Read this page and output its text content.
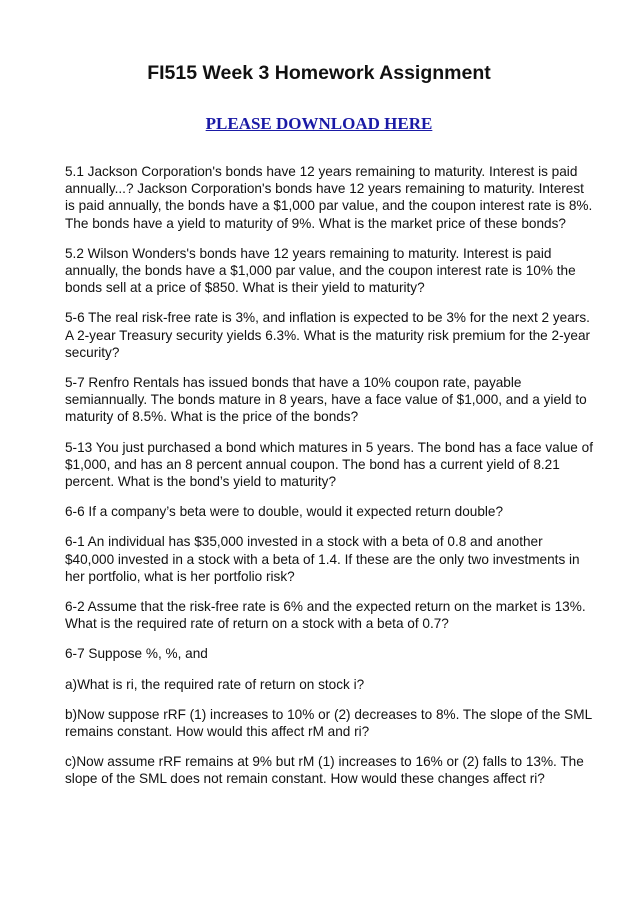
FI515 Week 3 Homework Assignment
PLEASE DOWNLOAD HERE

5.1 Jackson Corporation's bonds have 12 years remaining to maturity. Interest is paid annually...? Jackson Corporation's bonds have 12 years remaining to maturity. Interest is paid annually, the bonds have a $1,000 par value, and the coupon interest rate is 8%. The bonds have a yield to maturity of 9%. What is the market price of these bonds?

5.2 Wilson Wonders's bonds have 12 years remaining to maturity. Interest is paid annually, the bonds have a $1,000 par value, and the coupon interest rate is 10% the bonds sell at a price of $850. What is their yield to maturity?

5-6 The real risk-free rate is 3%, and inflation is expected to be 3% for the next 2 years. A 2-year Treasury security yields 6.3%. What is the maturity risk premium for the 2-year security?

5-7 Renfro Rentals has issued bonds that have a 10% coupon rate, payable semiannually. The bonds mature in 8 years, have a face value of $1,000, and a yield to maturity of 8.5%. What is the price of the bonds?

5-13 You just purchased a bond which matures in 5 years. The bond has a face value of $1,000, and has an 8 percent annual coupon. The bond has a current yield of 8.21 percent. What is the bond’s yield to maturity?

6-6 If a company’s beta were to double, would it expected return double?

6-1 An individual has $35,000 invested in a stock with a beta of 0.8 and another $40,000 invested in a stock with a beta of 1.4. If these are the only two investments in her portfolio, what is her portfolio risk?

6-2 Assume that the risk-free rate is 6% and the expected return on the market is 13%. What is the required rate of return on a stock with a beta of 0.7?

6-7 Suppose %, %, and

a)What is ri, the required rate of return on stock i?

b)Now suppose rRF (1) increases to 10% or (2) decreases to 8%. The slope of the SML remains constant. How would this affect rM and ri?

c)Now assume rRF remains at 9% but rM (1) increases to 16% or (2) falls to 13%. The slope of the SML does not remain constant. How would these changes affect ri?
